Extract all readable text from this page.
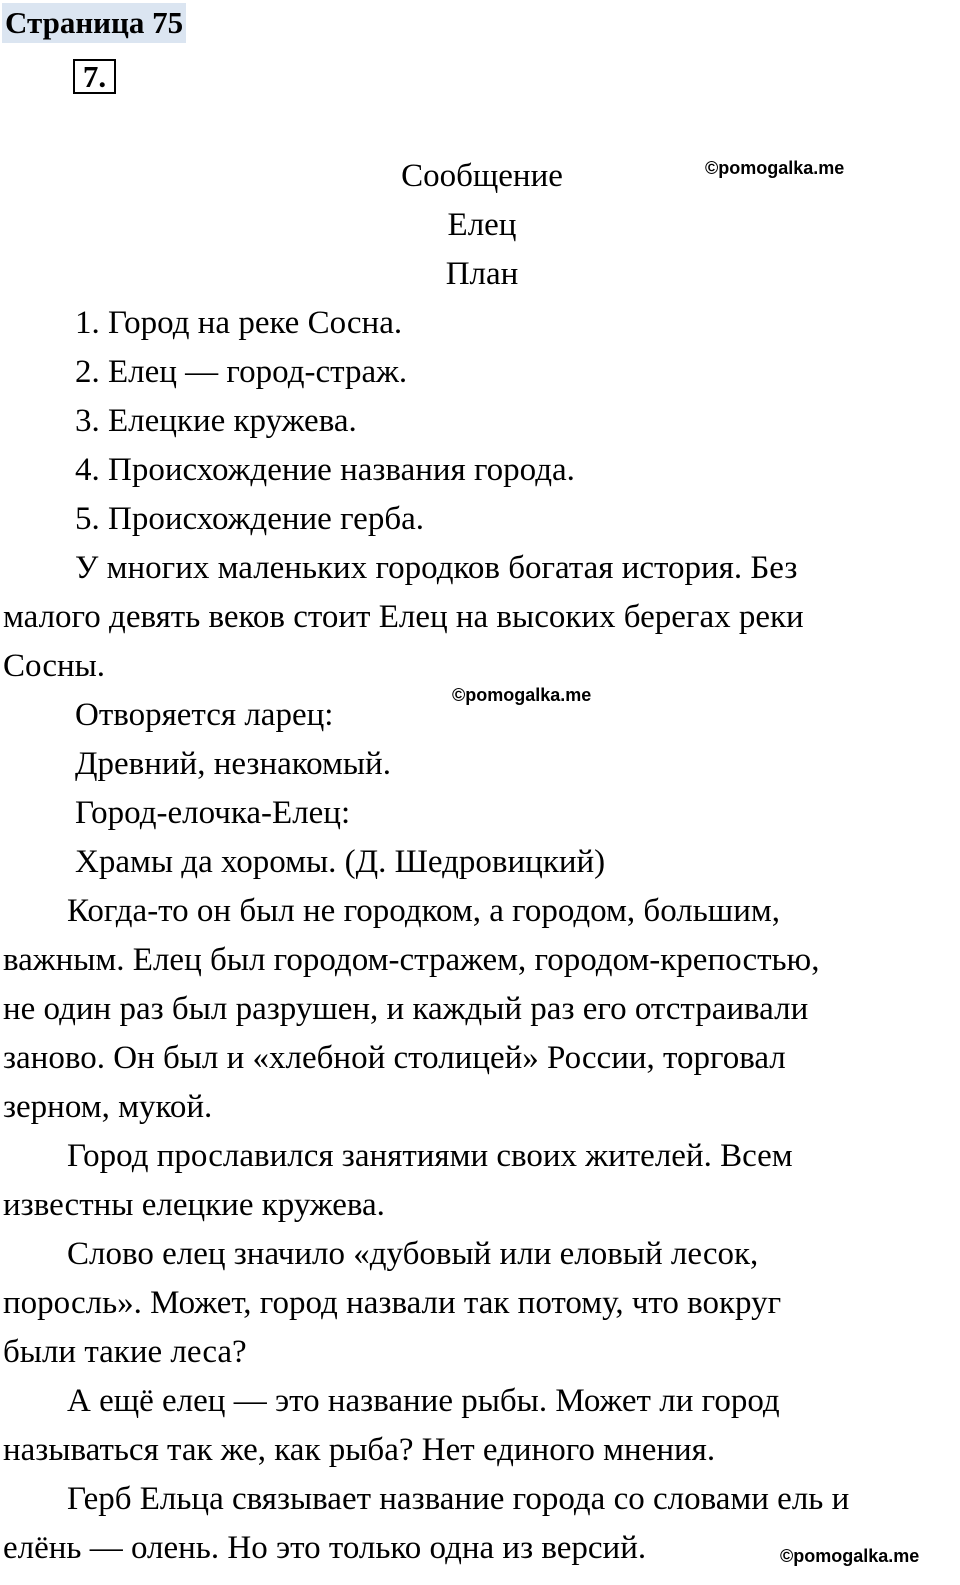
Страница 75
7.
©pomogalka.me
©pomogalka.me
©pomogalka.me
Сообщение
Елец
План
1. Город на реке Сосна.
2. Елец — город-страж.
3. Елецкие кружева.
4. Происхождение названия города.
5. Происхождение герба.
У многих маленьких городков богатая история. Без
малого девять веков стоит Елец на высоких берегах реки
Сосны.
Отворяется ларец:
Древний, незнакомый.
Город-елочка-Елец:
Храмы да хоромы. (Д. Шедровицкий)
Когда-то он был не городком, а городом, большим,
важным. Елец был городом-стражем, городом-крепостью,
не один раз был разрушен, и каждый раз его отстраивали
заново. Он был и «хлебной столицей» России, торговал
зерном, мукой.
Город прославился занятиями своих жителей. Всем
известны елецкие кружева.
Слово елец значило «дубовый или еловый лесок,
поросль». Может, город назвали так потому, что вокруг
были такие леса?
А ещё елец — это название рыбы. Может ли город
называться так же, как рыба? Нет единого мнения.
Герб Ельца связывает название города со словами ель и
елёнь — олень. Но это только одна из версий.
